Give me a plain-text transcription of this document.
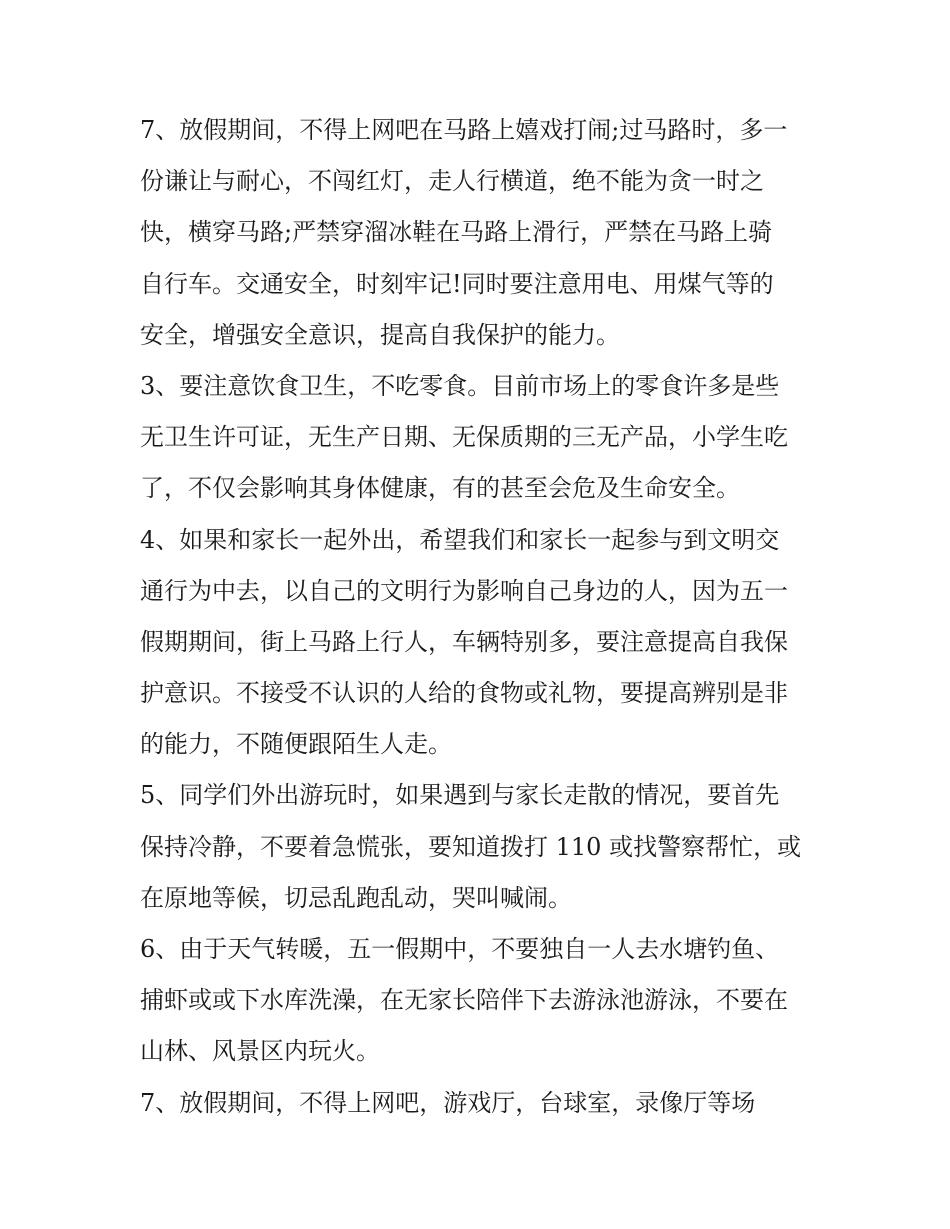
7、放假期间，不得上网吧在马路上嬉戏打闹;过马路时，多一
份谦让与耐心，不闯红灯，走人行横道，绝不能为贪一时之
快，横穿马路;严禁穿溜冰鞋在马路上滑行，严禁在马路上骑
自行车。交通安全，时刻牢记!同时要注意用电、用煤气等的
安全，增强安全意识，提高自我保护的能力。
3、要注意饮食卫生，不吃零食。目前市场上的零食许多是些
无卫生许可证，无生产日期、无保质期的三无产品，小学生吃
了，不仅会影响其身体健康，有的甚至会危及生命安全。
4、如果和家长一起外出，希望我们和家长一起参与到文明交
通行为中去，以自己的文明行为影响自己身边的人，因为五一
假期期间，街上马路上行人，车辆特别多，要注意提高自我保
护意识。不接受不认识的人给的食物或礼物，要提高辨别是非
的能力，不随便跟陌生人走。
5、同学们外出游玩时，如果遇到与家长走散的情况，要首先
保持冷静，不要着急慌张，要知道拨打 110 或找警察帮忙，或
在原地等候，切忌乱跑乱动，哭叫喊闹。
6、由于天气转暖，五一假期中，不要独自一人去水塘钓鱼、
捕虾或或下水库洗澡，在无家长陪伴下去游泳池游泳，不要在
山林、风景区内玩火。
7、放假期间，不得上网吧，游戏厅，台球室，录像厅等场
